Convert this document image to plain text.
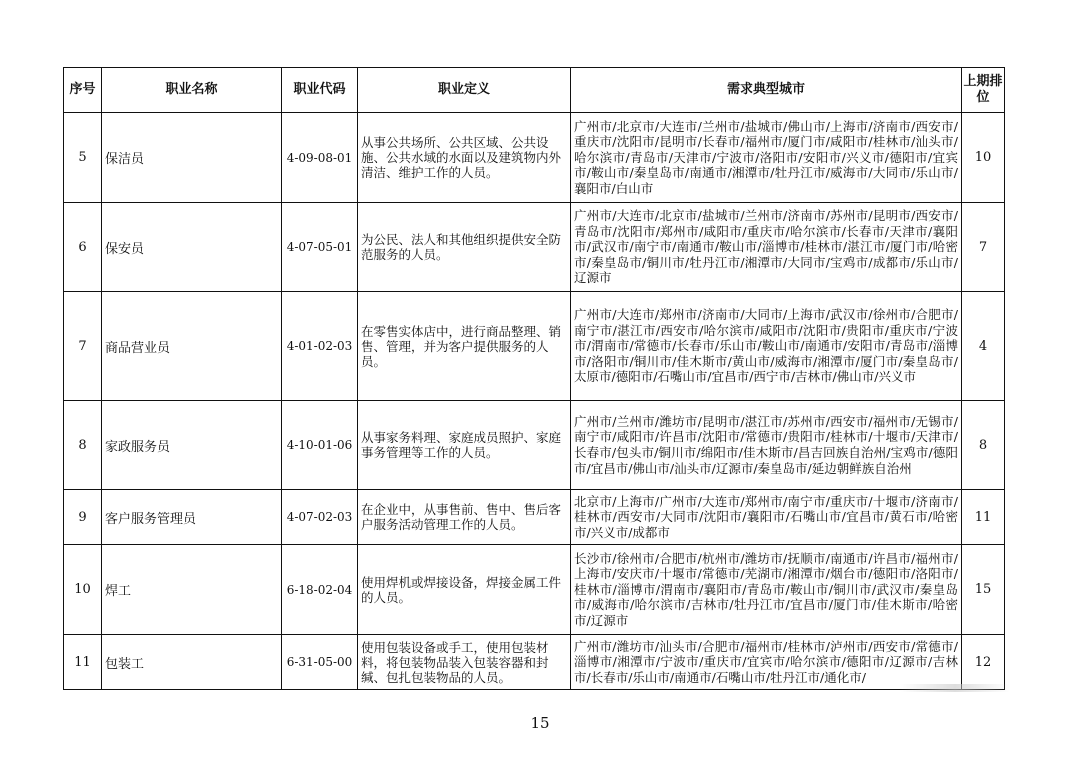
序号	职业名称	职业代码	职业定义	需求典型城市	上期排位
5	保洁员	4-09-08-01	从事公共场所、公共区域、公共设施、公共水域的水面以及建筑物内外清洁、维护工作的人员。	广州市/北京市/大连市/兰州市/盐城市/佛山市/上海市/济南市/西安市/重庆市/沈阳市/昆明市/长春市/福州市/厦门市/咸阳市/桂林市/汕头市/哈尔滨市/青岛市/天津市/宁波市/洛阳市/安阳市/兴义市/德阳市/宜宾市/鞍山市/秦皇岛市/南通市/湘潭市/牡丹江市/威海市/大同市/乐山市/襄阳市/白山市	10
6	保安员	4-07-05-01	为公民、法人和其他组织提供安全防范服务的人员。	广州市/大连市/北京市/盐城市/兰州市/济南市/苏州市/昆明市/西安市/青岛市/沈阳市/郑州市/咸阳市/重庆市/哈尔滨市/长春市/天津市/襄阳市/武汉市/南宁市/南通市/鞍山市/淄博市/桂林市/湛江市/厦门市/哈密市/秦皇岛市/铜川市/牡丹江市/湘潭市/大同市/宝鸡市/成都市/乐山市/辽源市	7
7	商品营业员	4-01-02-03	在零售实体店中，进行商品整理、销售、管理，并为客户提供服务的人员。	广州市/大连市/郑州市/济南市/大同市/上海市/武汉市/徐州市/合肥市/南宁市/湛江市/西安市/哈尔滨市/咸阳市/沈阳市/贵阳市/重庆市/宁波市/渭南市/常德市/长春市/乐山市/鞍山市/南通市/安阳市/青岛市/淄博市/洛阳市/铜川市/佳木斯市/黄山市/威海市/湘潭市/厦门市/秦皇岛市/太原市/德阳市/石嘴山市/宜昌市/西宁市/吉林市/佛山市/兴义市	4
8	家政服务员	4-10-01-06	从事家务料理、家庭成员照护、家庭事务管理等工作的人员。	广州市/兰州市/潍坊市/昆明市/湛江市/苏州市/西安市/福州市/无锡市/南宁市/咸阳市/许昌市/沈阳市/常德市/贵阳市/桂林市/十堰市/天津市/长春市/包头市/铜川市/绵阳市/佳木斯市/昌吉回族自治州/宝鸡市/德阳市/宜昌市/佛山市/汕头市/辽源市/秦皇岛市/延边朝鲜族自治州	8
9	客户服务管理员	4-07-02-03	在企业中，从事售前、售中、售后客户服务活动管理工作的人员。	北京市/上海市/广州市/大连市/郑州市/南宁市/重庆市/十堰市/济南市/桂林市/西安市/大同市/沈阳市/襄阳市/石嘴山市/宜昌市/黄石市/哈密市/兴义市/成都市	11
10	焊工	6-18-02-04	使用焊机或焊接设备，焊接金属工件的人员。	长沙市/徐州市/合肥市/杭州市/潍坊市/抚顺市/南通市/许昌市/福州市/上海市/安庆市/十堰市/常德市/芜湖市/湘潭市/烟台市/德阳市/洛阳市/桂林市/淄博市/渭南市/襄阳市/青岛市/鞍山市/铜川市/武汉市/秦皇岛市/威海市/哈尔滨市/吉林市/牡丹江市/宜昌市/厦门市/佳木斯市/哈密市/辽源市	15
11	包装工	6-31-05-00	使用包装设备或手工，使用包装材料，将包装物品装入包装容器和封缄、包扎包装物品的人员。	广州市/潍坊市/汕头市/合肥市/福州市/桂林市/泸州市/西安市/常德市/淄博市/湘潭市/宁波市/重庆市/宜宾市/哈尔滨市/德阳市/辽源市/吉林市/长春市/乐山市/南通市/石嘴山市/牡丹江市/通化市/	12
15
